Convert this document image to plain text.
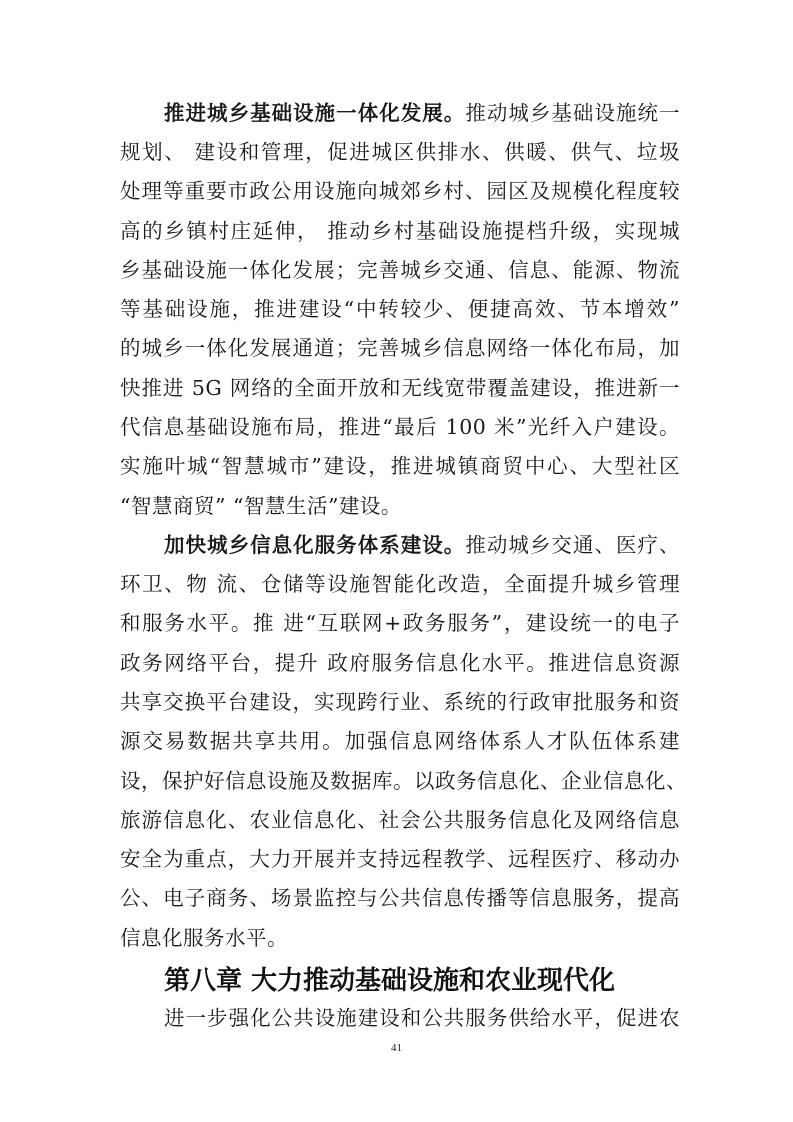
推进城乡基础设施一体化发展。推动城乡基础设施统一
规划、 建设和管理，促进城区供排水、供暖、供气、垃圾
处理等重要市政公用设施向城郊乡村、园区及规模化程度较
高的乡镇村庄延伸， 推动乡村基础设施提档升级，实现城
乡基础设施一体化发展；完善城乡交通、信息、能源、物流
等基础设施，推进建设“中转较少、便捷高效、节本增效”
的城乡一体化发展通道；完善城乡信息网络一体化布局，加
快推进 5G 网络的全面开放和无线宽带覆盖建设，推进新一
代信息基础设施布局，推进“最后 100 米”光纤入户建设。
实施叶城“智慧城市”建设，推进城镇商贸中心、大型社区
“智慧商贸” “智慧生活”建设。
加快城乡信息化服务体系建设。推动城乡交通、医疗、
环卫、物 流、仓储等设施智能化改造，全面提升城乡管理
和服务水平。推 进“互联网+政务服务”，建设统一的电子
政务网络平台，提升 政府服务信息化水平。推进信息资源
共享交换平台建设，实现跨行业、系统的行政审批服务和资
源交易数据共享共用。加强信息网络体系人才队伍体系建
设，保护好信息设施及数据库。以政务信息化、企业信息化、
旅游信息化、农业信息化、社会公共服务信息化及网络信息
安全为重点，大力开展并支持远程教学、远程医疗、移动办
公、电子商务、场景监控与公共信息传播等信息服务，提高
信息化服务水平。
第八章 大力推动基础设施和农业现代化
进一步强化公共设施建设和公共服务供给水平，促进农
41
